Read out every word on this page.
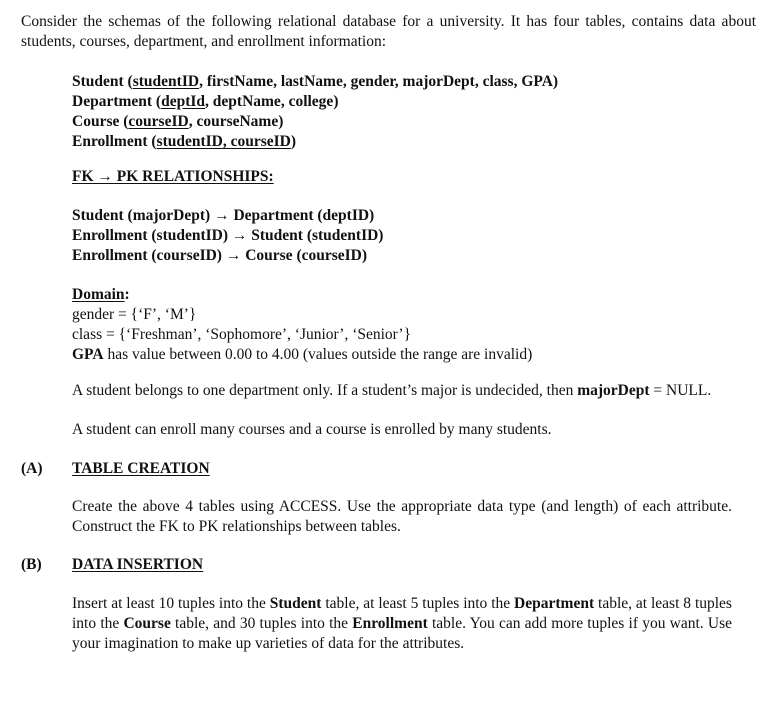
Consider the schemas of the following relational database for a university. It has four tables, contains data about students, courses, department, and enrollment information:
Student (studentID, firstName, lastName, gender, majorDept, class, GPA)
Department (deptId, deptName, college)
Course (courseID, courseName)
Enrollment (studentID, courseID)
FK → PK RELATIONSHIPS:
Student (majorDept) → Department (deptID)
Enrollment (studentID) → Student (studentID)
Enrollment (courseID) → Course (courseID)
Domain:
gender = {‘F’, ‘M’}
class = {‘Freshman’, ‘Sophomore’, ‘Junior’, ‘Senior’}
GPA has value between 0.00 to 4.00 (values outside the range are invalid)
A student belongs to one department only. If a student’s major is undecided, then majorDept = NULL.
A student can enroll many courses and a course is enrolled by many students.
(A)	TABLE CREATION
Create the above 4 tables using ACCESS. Use the appropriate data type (and length) of each attribute. Construct the FK to PK relationships between tables.
(B)	DATA INSERTION
Insert at least 10 tuples into the Student table, at least 5 tuples into the Department table, at least 8 tuples into the Course table, and 30 tuples into the Enrollment table. You can add more tuples if you want. Use your imagination to make up varieties of data for the attributes.
